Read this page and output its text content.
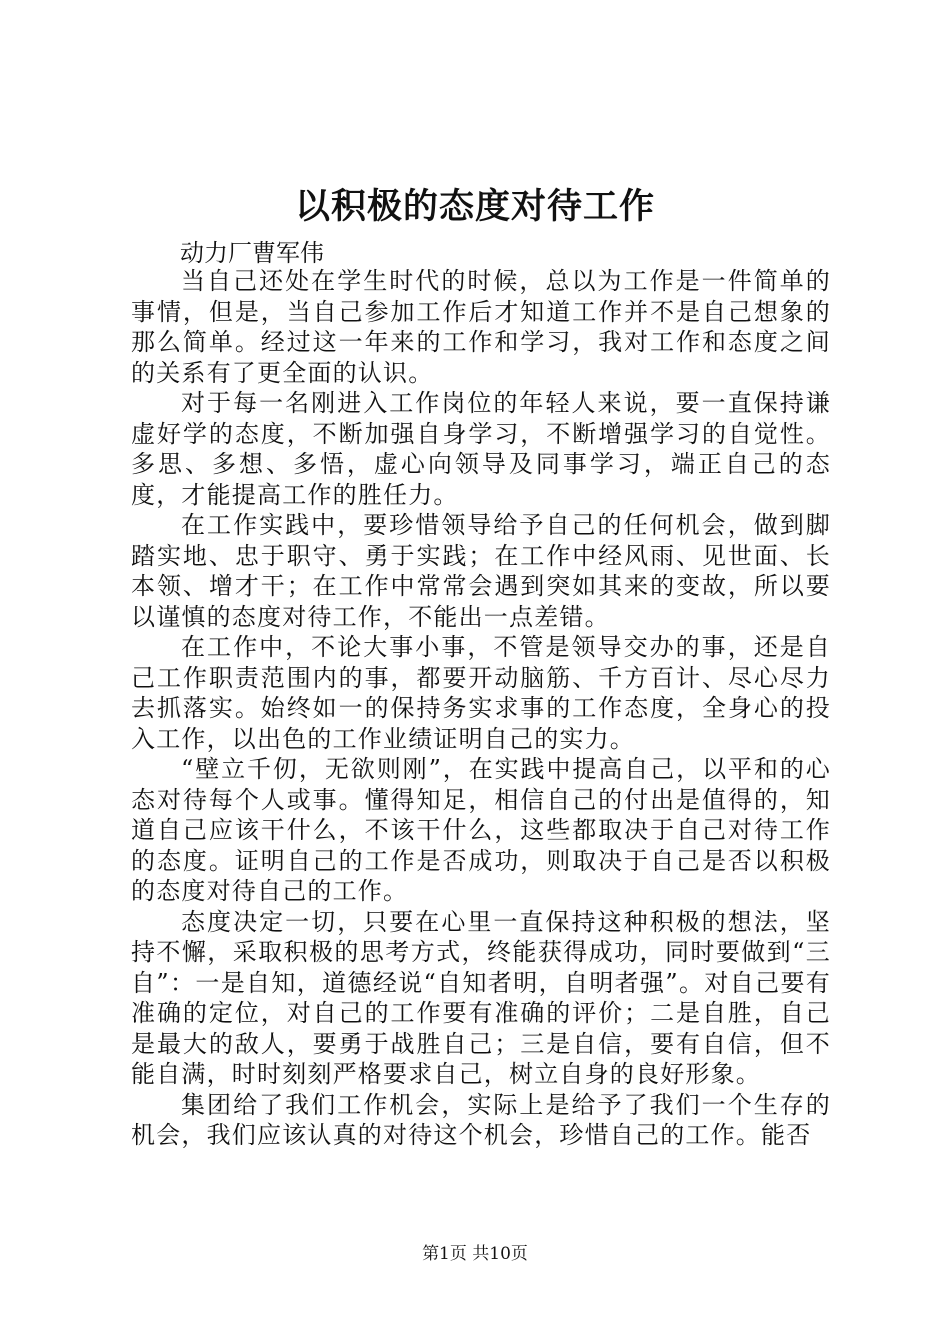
以积极的态度对待工作

动力厂曹军伟

当自己还处在学生时代的时候，总以为工作是一件简单的事情，但是，当自己参加工作后才知道工作并不是自己想象的那么简单。经过这一年来的工作和学习，我对工作和态度之间的关系有了更全面的认识。

对于每一名刚进入工作岗位的年轻人来说，要一直保持谦虚好学的态度，不断加强自身学习，不断增强学习的自觉性。多思、多想、多悟，虚心向领导及同事学习，端正自己的态度，才能提高工作的胜任力。

在工作实践中，要珍惜领导给予自己的任何机会，做到脚踏实地、忠于职守、勇于实践；在工作中经风雨、见世面、长本领、增才干；在工作中常常会遇到突如其来的变故，所以要以谨慎的态度对待工作，不能出一点差错。

在工作中，不论大事小事，不管是领导交办的事，还是自己工作职责范围内的事，都要开动脑筋、千方百计、尽心尽力去抓落实。始终如一的保持务实求事的工作态度，全身心的投入工作，以出色的工作业绩证明自己的实力。

“壁立千仞，无欲则刚”，在实践中提高自己，以平和的心态对待每个人或事。懂得知足，相信自己的付出是值得的，知道自己应该干什么，不该干什么，这些都取决于自己对待工作的态度。证明自己的工作是否成功，则取决于自己是否以积极的态度对待自己的工作。

态度决定一切，只要在心里一直保持这种积极的想法，坚持不懈，采取积极的思考方式，终能获得成功，同时要做到“三自”：一是自知，道德经说“自知者明，自明者强”。对自己要有准确的定位，对自己的工作要有准确的评价；二是自胜，自己是最大的敌人，要勇于战胜自己；三是自信，要有自信，但不能自满，时时刻刻严格要求自己，树立自身的良好形象。

集团给了我们工作机会，实际上是给予了我们一个生存的机会，我们应该认真的对待这个机会，珍惜自己的工作。能否

第1页 共10页
